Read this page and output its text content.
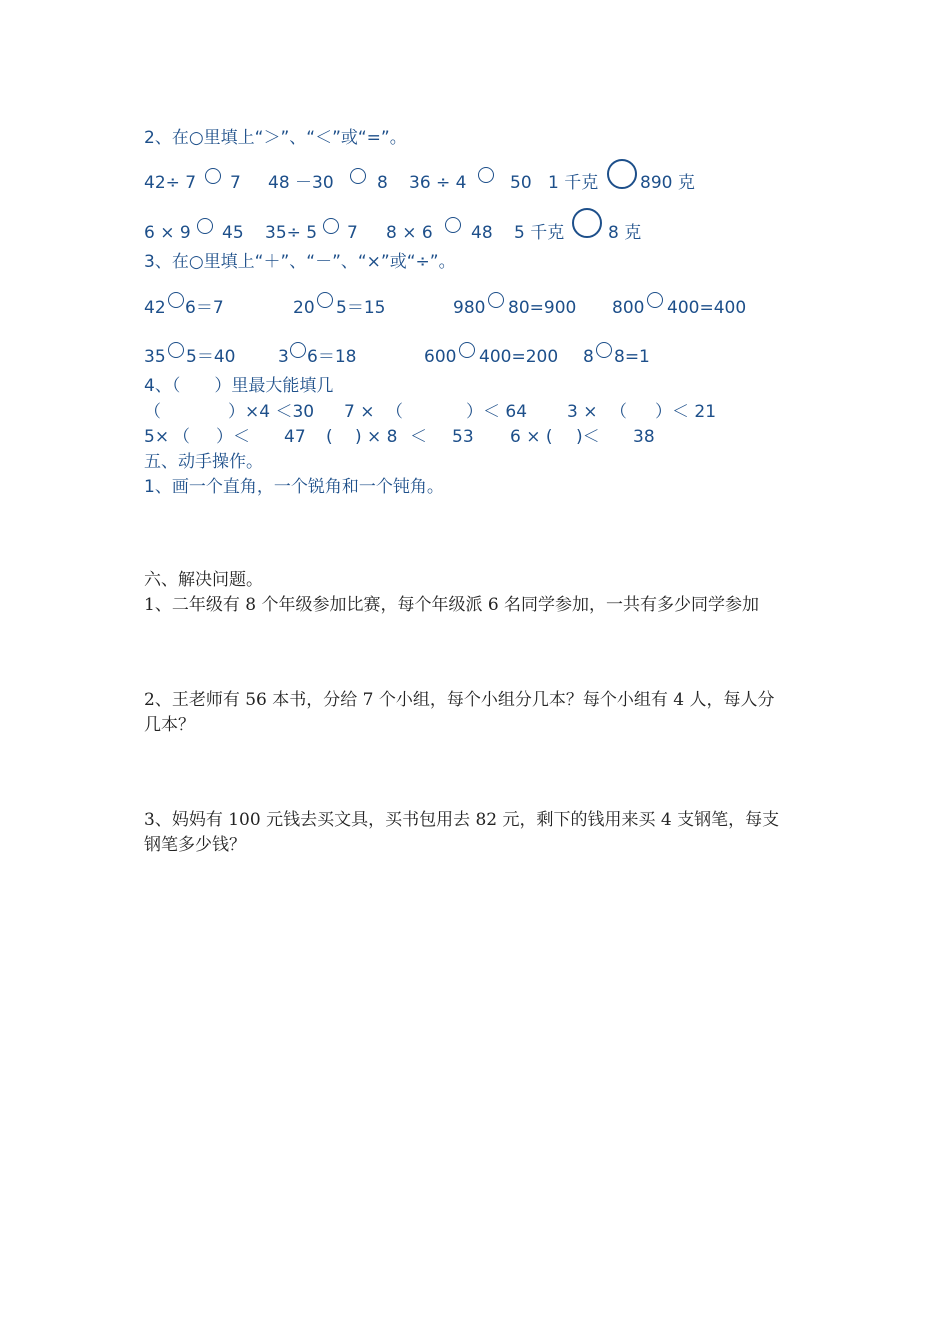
2、在○里填上“＞”、“＜”或“=”。
42÷ 7 7 48 －30	8 36 ÷ 4	50 1 千克 890 克
6 × 9 45 35÷ 5 7 8 × 6 48 5 千克	8 克
3、在○里填上“＋”、“－”、“×”或“÷”。
42 6＝7	20 5＝15	980 80=900 800 400=400
35 5＝40	3 6＝18	600 400=200 8 8=1
4、（　　）里最大能填几
（	）×4 ＜30 7 × （	）＜ 64 3 × （ ）＜ 21
5× （ ）＜ 47 ( ) × 8 ＜ 53 6 × ( )＜ 38
五、动手操作。
1、画一个直角，一个锐角和一个钝角。
六、解决问题。
1、二年级有 8 个年级参加比赛，每个年级派 6 名同学参加，一共有多少同学参加
2、王老师有 56 本书，分给 7 个小组，每个小组分几本？每个小组有 4 人，每人分
几本？
3、妈妈有 100 元钱去买文具，买书包用去 82 元，剩下的钱用来买 4 支钢笔，每支
钢笔多少钱？
